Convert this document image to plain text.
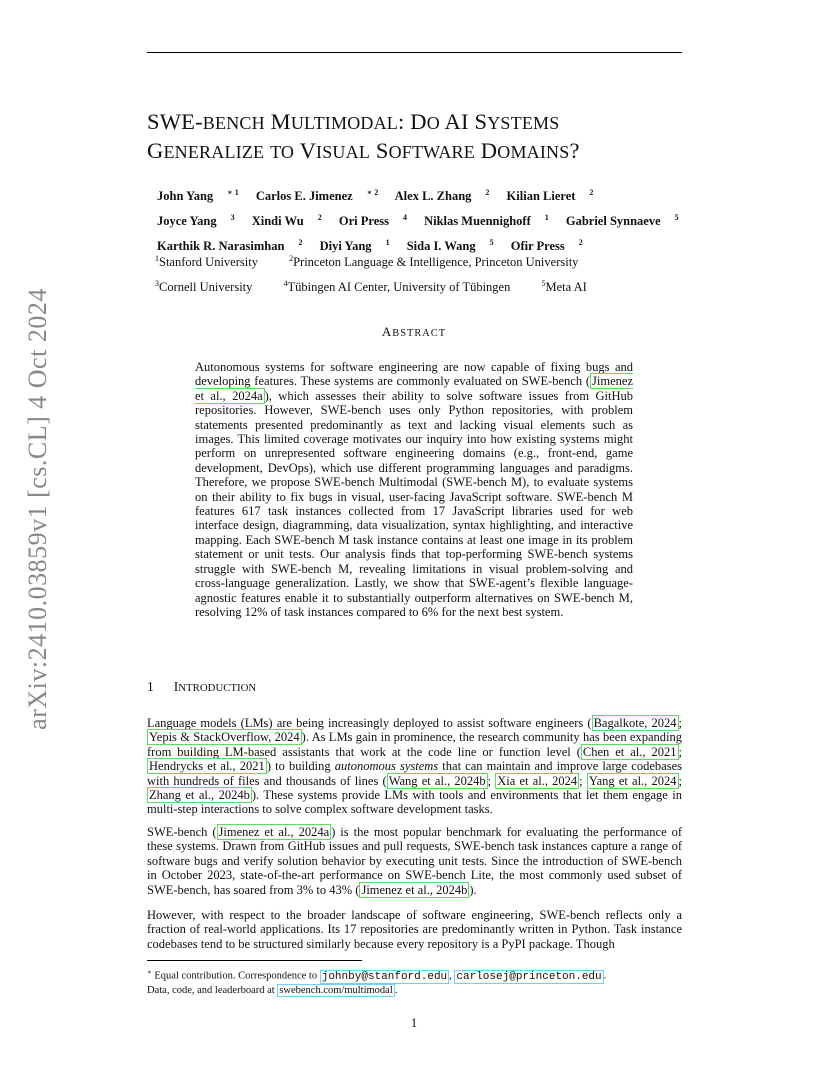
arXiv:2410.03859v1 [cs.CL] 4 Oct 2024
SWE-BENCH MULTIMODAL: DO AI SYSTEMS
GENERALIZE TO VISUAL SOFTWARE DOMAINS?
John Yang $^{∗ 1}$ Carlos E. Jimenez $^{∗ 2}$ Alex L. Zhang $^2$ Kilian Lieret $^2$
Joyce Yang $^3$ Xindi Wu $^2$ Ori Press $^4$ Niklas Muennighoff $^1$ Gabriel Synnaeve $^5$
Karthik R. Narasimhan $^2$ Diyi Yang $^1$ Sida I. Wang $^5$ Ofir Press $^2$
$^1$Stanford University	$^2$Princeton Language & Intelligence, Princeton University
$^3$Cornell University	$^4$Tübingen AI Center, University of Tübingen	$^5$Meta AI
ABSTRACT
Autonomous systems for software engineering are now capable of fixing bugs and developing features. These systems are commonly evaluated on SWE-bench ( Jimenez et al., 2024a ), which assesses their ability to solve software issues from GitHub repositories. However, SWE-bench uses only Python repositories, with problem statements presented predominantly as text and lacking visual elements such as images. This limited coverage motivates our inquiry into how existing systems might perform on unrepresented software engineering domains (e.g., front-end, game development, DevOps), which use different programming languages and paradigms. Therefore, we propose SWE-bench Multimodal (SWE-bench M), to evaluate systems on their ability to fix bugs in visual, user-facing JavaScript software. SWE-bench M features 617 task instances collected from 17 JavaScript libraries used for web interface design, diagramming, data visualization, syntax highlighting, and interactive mapping. Each SWE-bench M task instance contains at least one image in its problem statement or unit tests. Our analysis finds that top-performing SWE-bench systems struggle with SWE-bench M, revealing limitations in visual problem-solving and cross-language generalization. Lastly, we show that SWE-agent’s flexible language-agnostic features enable it to substantially outperform alternatives on SWE-bench M, resolving 12% of task instances compared to 6% for the next best system.
1 INTRODUCTION
Language models (LMs) are being increasingly deployed to assist software engineers ( Bagalkote, 2024 ; Yepis & StackOverflow, 2024 ). As LMs gain in prominence, the research community has been expanding from building LM-based assistants that work at the code line or function level ( Chen et al., 2021 ; Hendrycks et al., 2021 ) to building autonomous systems that can maintain and improve large codebases with hundreds of files and thousands of lines ( Wang et al., 2024b ; Xia et al., 2024 ; Yang et al., 2024 ; Zhang et al., 2024b ). These systems provide LMs with tools and environments that let them engage in multi-step interactions to solve complex software development tasks.
SWE-bench ( Jimenez et al., 2024a ) is the most popular benchmark for evaluating the performance of these systems. Drawn from GitHub issues and pull requests, SWE-bench task instances capture a range of software bugs and verify solution behavior by executing unit tests. Since the introduction of SWE-bench in October 2023, state-of-the-art performance on SWE-bench Lite, the most commonly used subset of SWE-bench, has soared from 3% to 43% ( Jimenez et al., 2024b ).
However, with respect to the broader landscape of software engineering, SWE-bench reflects only a fraction of real-world applications. Its 17 repositories are predominantly written in Python. Task instance codebases tend to be structured similarly because every repository is a PyPI package. Though
∗ Equal contribution. Correspondence to johnby@stanford.edu , carlosej@princeton.edu .
Data, code, and leaderboard at swebench.com/multimodal .
1
